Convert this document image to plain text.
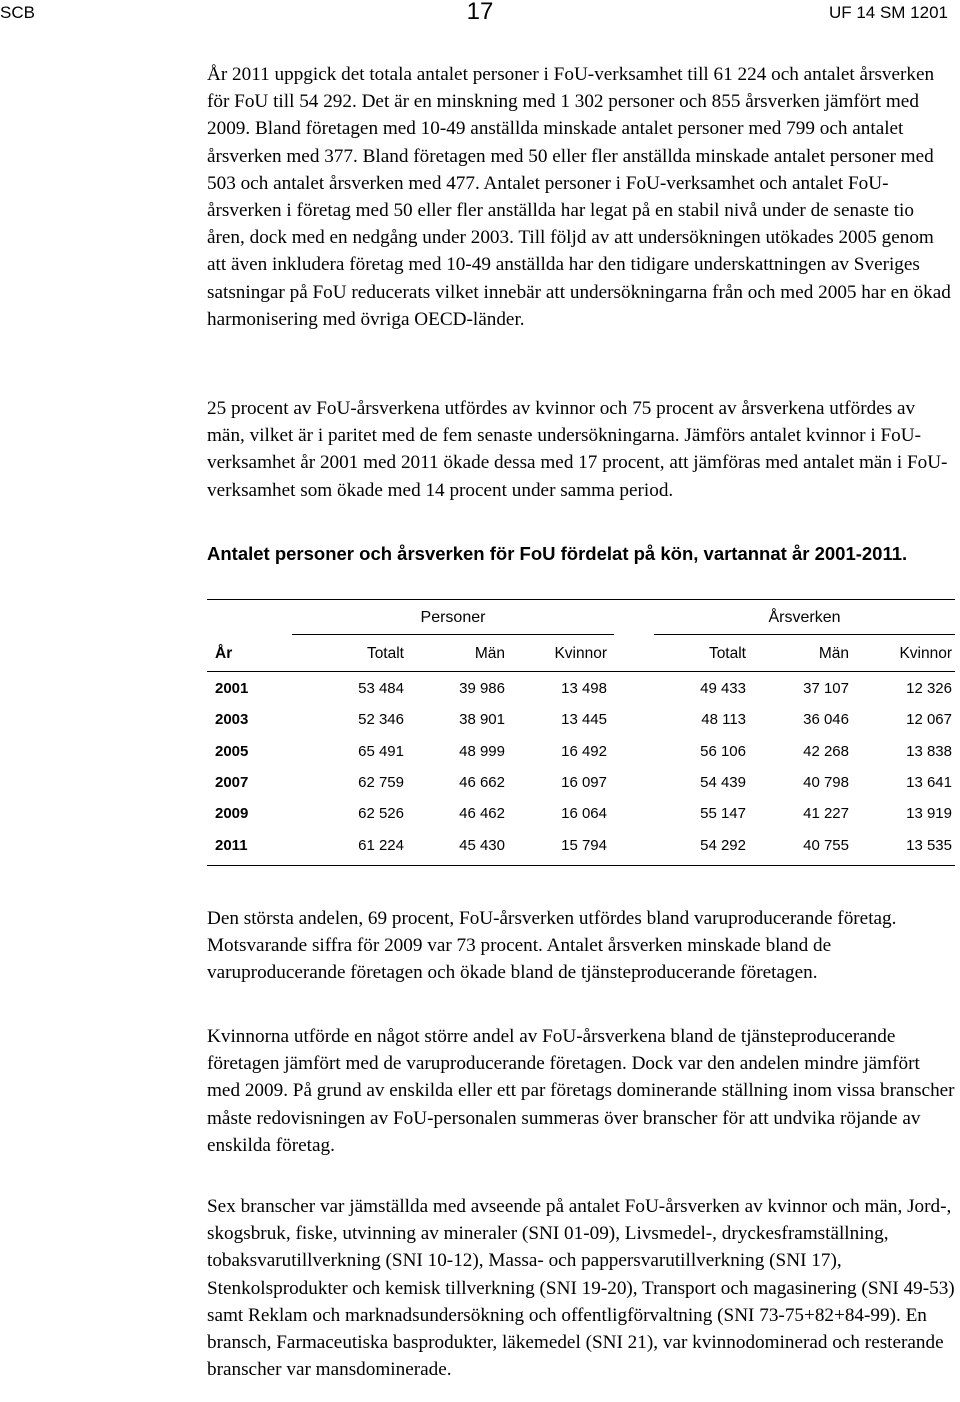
SCB	17	UF 14 SM 1201

År 2011 uppgick det totala antalet personer i FoU-verksamhet till 61 224 och antalet årsverken för FoU till 54 292. Det är en minskning med 1 302 personer och 855 årsverken jämfört med 2009. Bland företagen med 10-49 anställda minskade antalet personer med 799 och antalet årsverken med 377. Bland företagen med 50 eller fler anställda minskade antalet personer med 503 och antalet årsverken med 477. Antalet personer i FoU-verksamhet och antalet FoU-årsverken i företag med 50 eller fler anställda har legat på en stabil nivå under de senaste tio åren, dock med en nedgång under 2003. Till följd av att undersökningen utökades 2005 genom att även inkludera företag med 10-49 anställda har den tidigare underskattningen av Sveriges satsningar på FoU reducerats vilket innebär att undersökningarna från och med 2005 har en ökad harmonisering med övriga OECD-länder.

25 procent av FoU-årsverkena utfördes av kvinnor och 75 procent av årsverkena utfördes av män, vilket är i paritet med de fem senaste undersökningarna. Jämförs antalet kvinnor i FoU-verksamhet år 2001 med 2011 ökade dessa med 17 procent, att jämföras med antalet män i FoU-verksamhet som ökade med 14 procent under samma period.

Antalet personer och årsverken för FoU fördelat på kön, vartannat år 2001-2011.

Personer	Årsverken
År	Totalt	Män	Kvinnor	Totalt	Män	Kvinnor
2001	53 484	39 986	13 498	49 433	37 107	12 326
2003	52 346	38 901	13 445	48 113	36 046	12 067
2005	65 491	48 999	16 492	56 106	42 268	13 838
2007	62 759	46 662	16 097	54 439	40 798	13 641
2009	62 526	46 462	16 064	55 147	41 227	13 919
2011	61 224	45 430	15 794	54 292	40 755	13 535

Den största andelen, 69 procent, FoU-årsverken utfördes bland varuproducerande företag. Motsvarande siffra för 2009 var 73 procent. Antalet årsverken minskade bland de varuproducerande företagen och ökade bland de tjänsteproducerande företagen.

Kvinnorna utförde en något större andel av FoU-årsverkena bland de tjänsteproducerande företagen jämfört med de varuproducerande företagen. Dock var den andelen mindre jämfört med 2009. På grund av enskilda eller ett par företags dominerande ställning inom vissa branscher måste redovisningen av FoU-personalen summeras över branscher för att undvika röjande av enskilda företag.

Sex branscher var jämställda med avseende på antalet FoU-årsverken av kvinnor och män, Jord-, skogsbruk, fiske, utvinning av mineraler (SNI 01-09), Livsmedel-, dryckesframställning, tobaksvarutillverkning (SNI 10-12), Massa- och pappersvarutillverkning (SNI 17), Stenkolsprodukter och kemisk tillverkning (SNI 19-20), Transport och magasinering (SNI 49-53) samt Reklam och marknadsundersökning och offentligförvaltning (SNI 73-75+82+84-99). En bransch, Farmaceutiska basprodukter, läkemedel (SNI 21), var kvinnodominerad och resterande branscher var mansdominerade.
